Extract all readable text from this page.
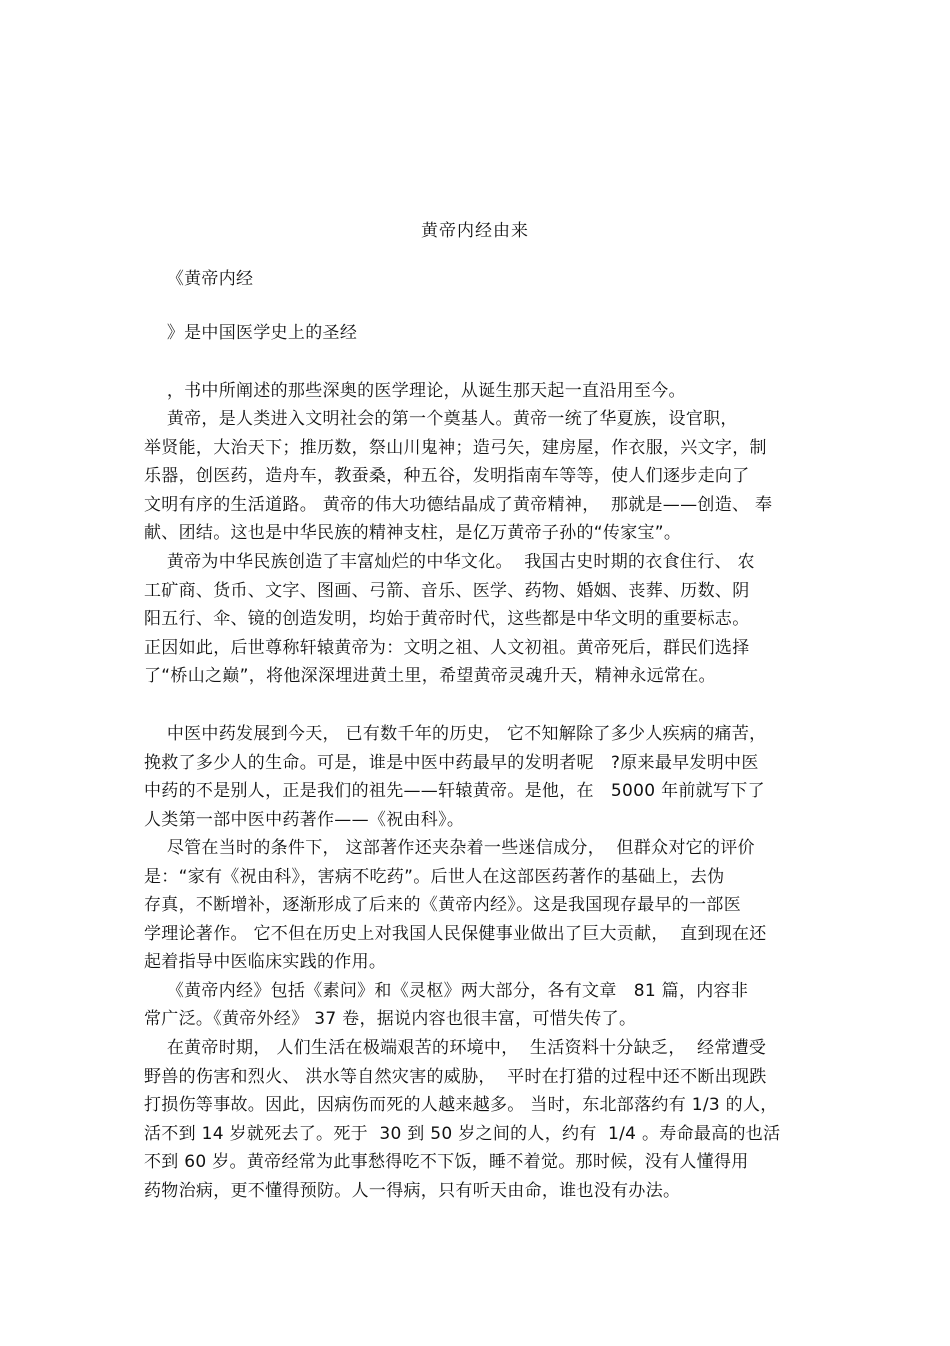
黄帝内经由来
《黄帝内经
》是中国医学史上的圣经
，书中所阐述的那些深奥的医学理论，从诞生那天起一直沿用至今。
黄帝，是人类进入文明社会的第一个奠基人。黄帝一统了华夏族，设官职，
举贤能，大治天下；推历数，祭山川鬼神；造弓矢，建房屋，作衣服，兴文字，制
乐器，创医药，造舟车，教蚕桑，种五谷，发明指南车等等，使人们逐步走向了
文明有序的生活道路。 黄帝的伟大功德结晶成了黄帝精神，  那就是——创造、 奉
献、团结。这也是中华民族的精神支柱，是亿万黄帝子孙的“传家宝”。
黄帝为中华民族创造了丰富灿烂的中华文化。  我国古史时期的衣食住行、 农
工矿商、货币、文字、图画、弓箭、音乐、医学、药物、婚姻、丧葬、历数、阴
阳五行、伞、镜的创造发明，均始于黄帝时代，这些都是中华文明的重要标志。
正因如此，后世尊称轩辕黄帝为：文明之祖、人文初祖。黄帝死后，群民们选择
了“桥山之巅”，将他深深埋进黄土里，希望黄帝灵魂升天，精神永远常在。
中医中药发展到今天， 已有数千年的历史， 它不知解除了多少人疾病的痛苦，
挽救了多少人的生命。可是，谁是中医中药最早的发明者呢   ?原来最早发明中医
中药的不是别人，正是我们的祖先——轩辕黄帝。是他，在   5000 年前就写下了
人类第一部中医中药著作——《祝由科》。
尽管在当时的条件下， 这部著作还夹杂着一些迷信成分，  但群众对它的评价
是：“家有《祝由科》，害病不吃药”。后世人在这部医药著作的基础上，去伪
存真，不断增补，逐渐形成了后来的《黄帝内经》。这是我国现存最早的一部医
学理论著作。 它不但在历史上对我国人民保健事业做出了巨大贡献，  直到现在还
起着指导中医临床实践的作用。
《黄帝内经》包括《素问》和《灵枢》两大部分，各有文章   81 篇，内容非
常广泛。《黄帝外经》 37 卷，据说内容也很丰富，可惜失传了。
在黄帝时期， 人们生活在极端艰苦的环境中，  生活资料十分缺乏，  经常遭受
野兽的伤害和烈火、 洪水等自然灾害的威胁，  平时在打猎的过程中还不断出现跌
打损伤等事故。因此，因病伤而死的人越来越多。 当时，东北部落约有 1/3 的人，
活不到 14 岁就死去了。死于  30 到 50 岁之间的人，约有  1/4 。寿命最高的也活
不到 60 岁。黄帝经常为此事愁得吃不下饭，睡不着觉。那时候，没有人懂得用
药物治病，更不懂得预防。人一得病，只有听天由命，谁也没有办法。
